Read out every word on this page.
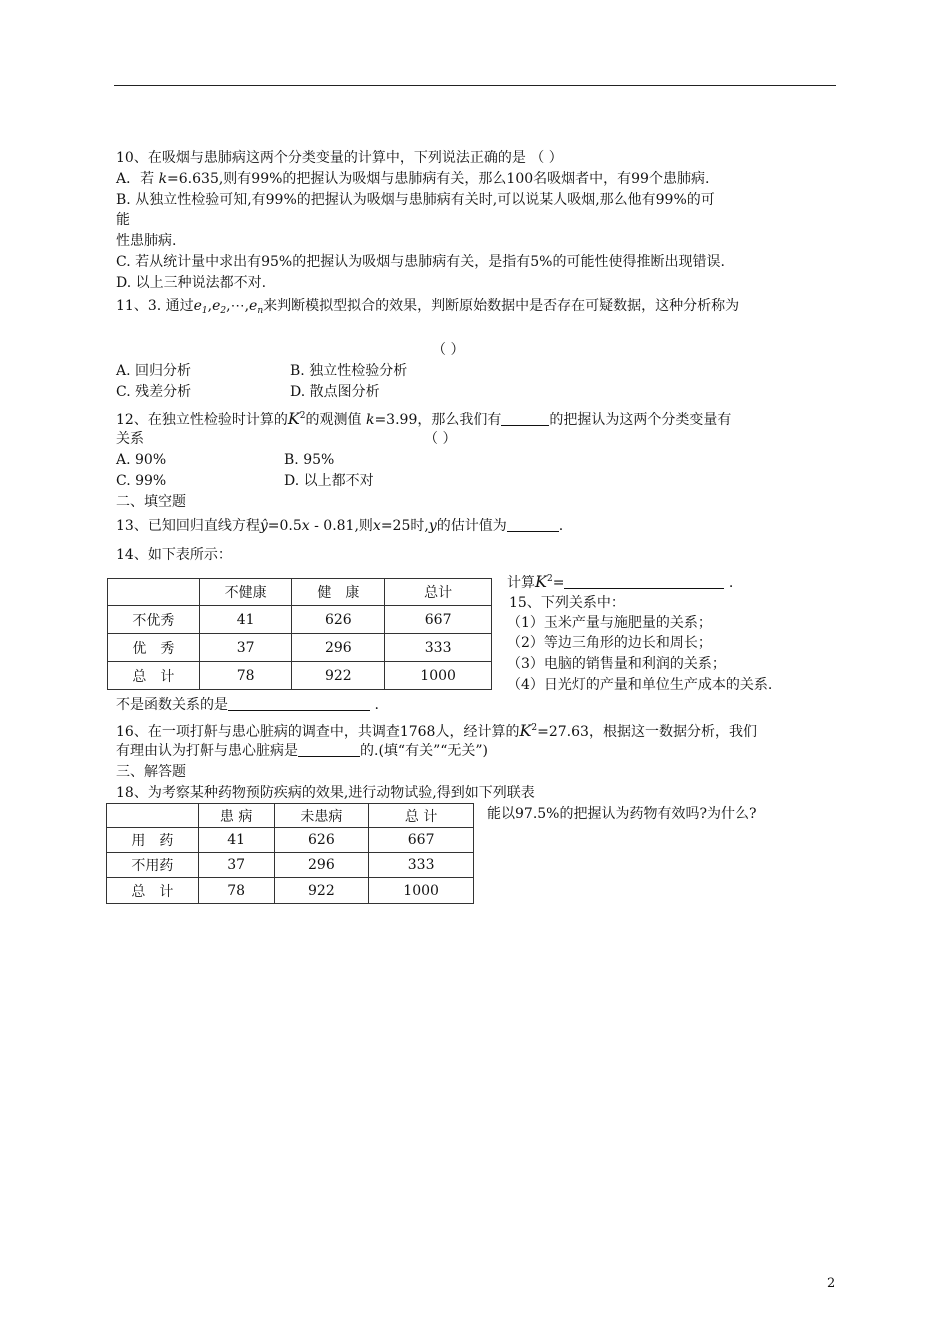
10、在吸烟与患肺病这两个分类变量的计算中，下列说法正确的是 （ ）
A．若 k=6.635,则有99%的把握认为吸烟与患肺病有关，那么100名吸烟者中，有99个患肺病.
B. 从独立性检验可知,有99%的把握认为吸烟与患肺病有关时,可以说某人吸烟,那么他有99%的可
能
性患肺病.
C. 若从统计量中求出有95%的把握认为吸烟与患肺病有关，是指有5%的可能性使得推断出现错误.
D. 以上三种说法都不对.
11、3. 通过$e_1,e_2,\cdots,e_n$来判断模拟型拟合的效果，判断原始数据中是否存在可疑数据，这种分析称为
（ ）
A. 回归分析	B. 独立性检验分析
C. 残差分析	D. 散点图分析
12、在独立性检验时计算的$K^2$的观测值 k=3.99，那么我们有	的把握认为这两个分类变量有
关系	（ ）
A. 90%	B. 95%
C. 99%	D. 以上都不对
二、填空题
13、已知回归直线方程ŷ=0.5x - 0.81,则x=25时,y的估计值为	.
14、如下表所示：
	不健康	健　康	总计
不优秀	41	626	667
优　秀	37	296	333
总　计	78	922	1000
计算$K^2=$	.
15、下列关系中：
（1）玉米产量与施肥量的关系；
（2）等边三角形的边长和周长；
（3）电脑的销售量和利润的关系；
（4）日光灯的产量和单位生产成本的关系.
不是函数关系的是	.
16、在一项打鼾与患心脏病的调查中，共调查1768人，经计算的$K^2=27.63$，根据这一数据分析，我们
有理由认为打鼾与患心脏病是	的.(填“有关”“无关”)
三、解答题
18、为考察某种药物预防疾病的效果,进行动物试验,得到如下列联表
	患 病	未患病	总 计
用　药	41	626	667
不用药	37	296	333
总　计	78	922	1000
能以97.5%的把握认为药物有效吗?为什么?
2
